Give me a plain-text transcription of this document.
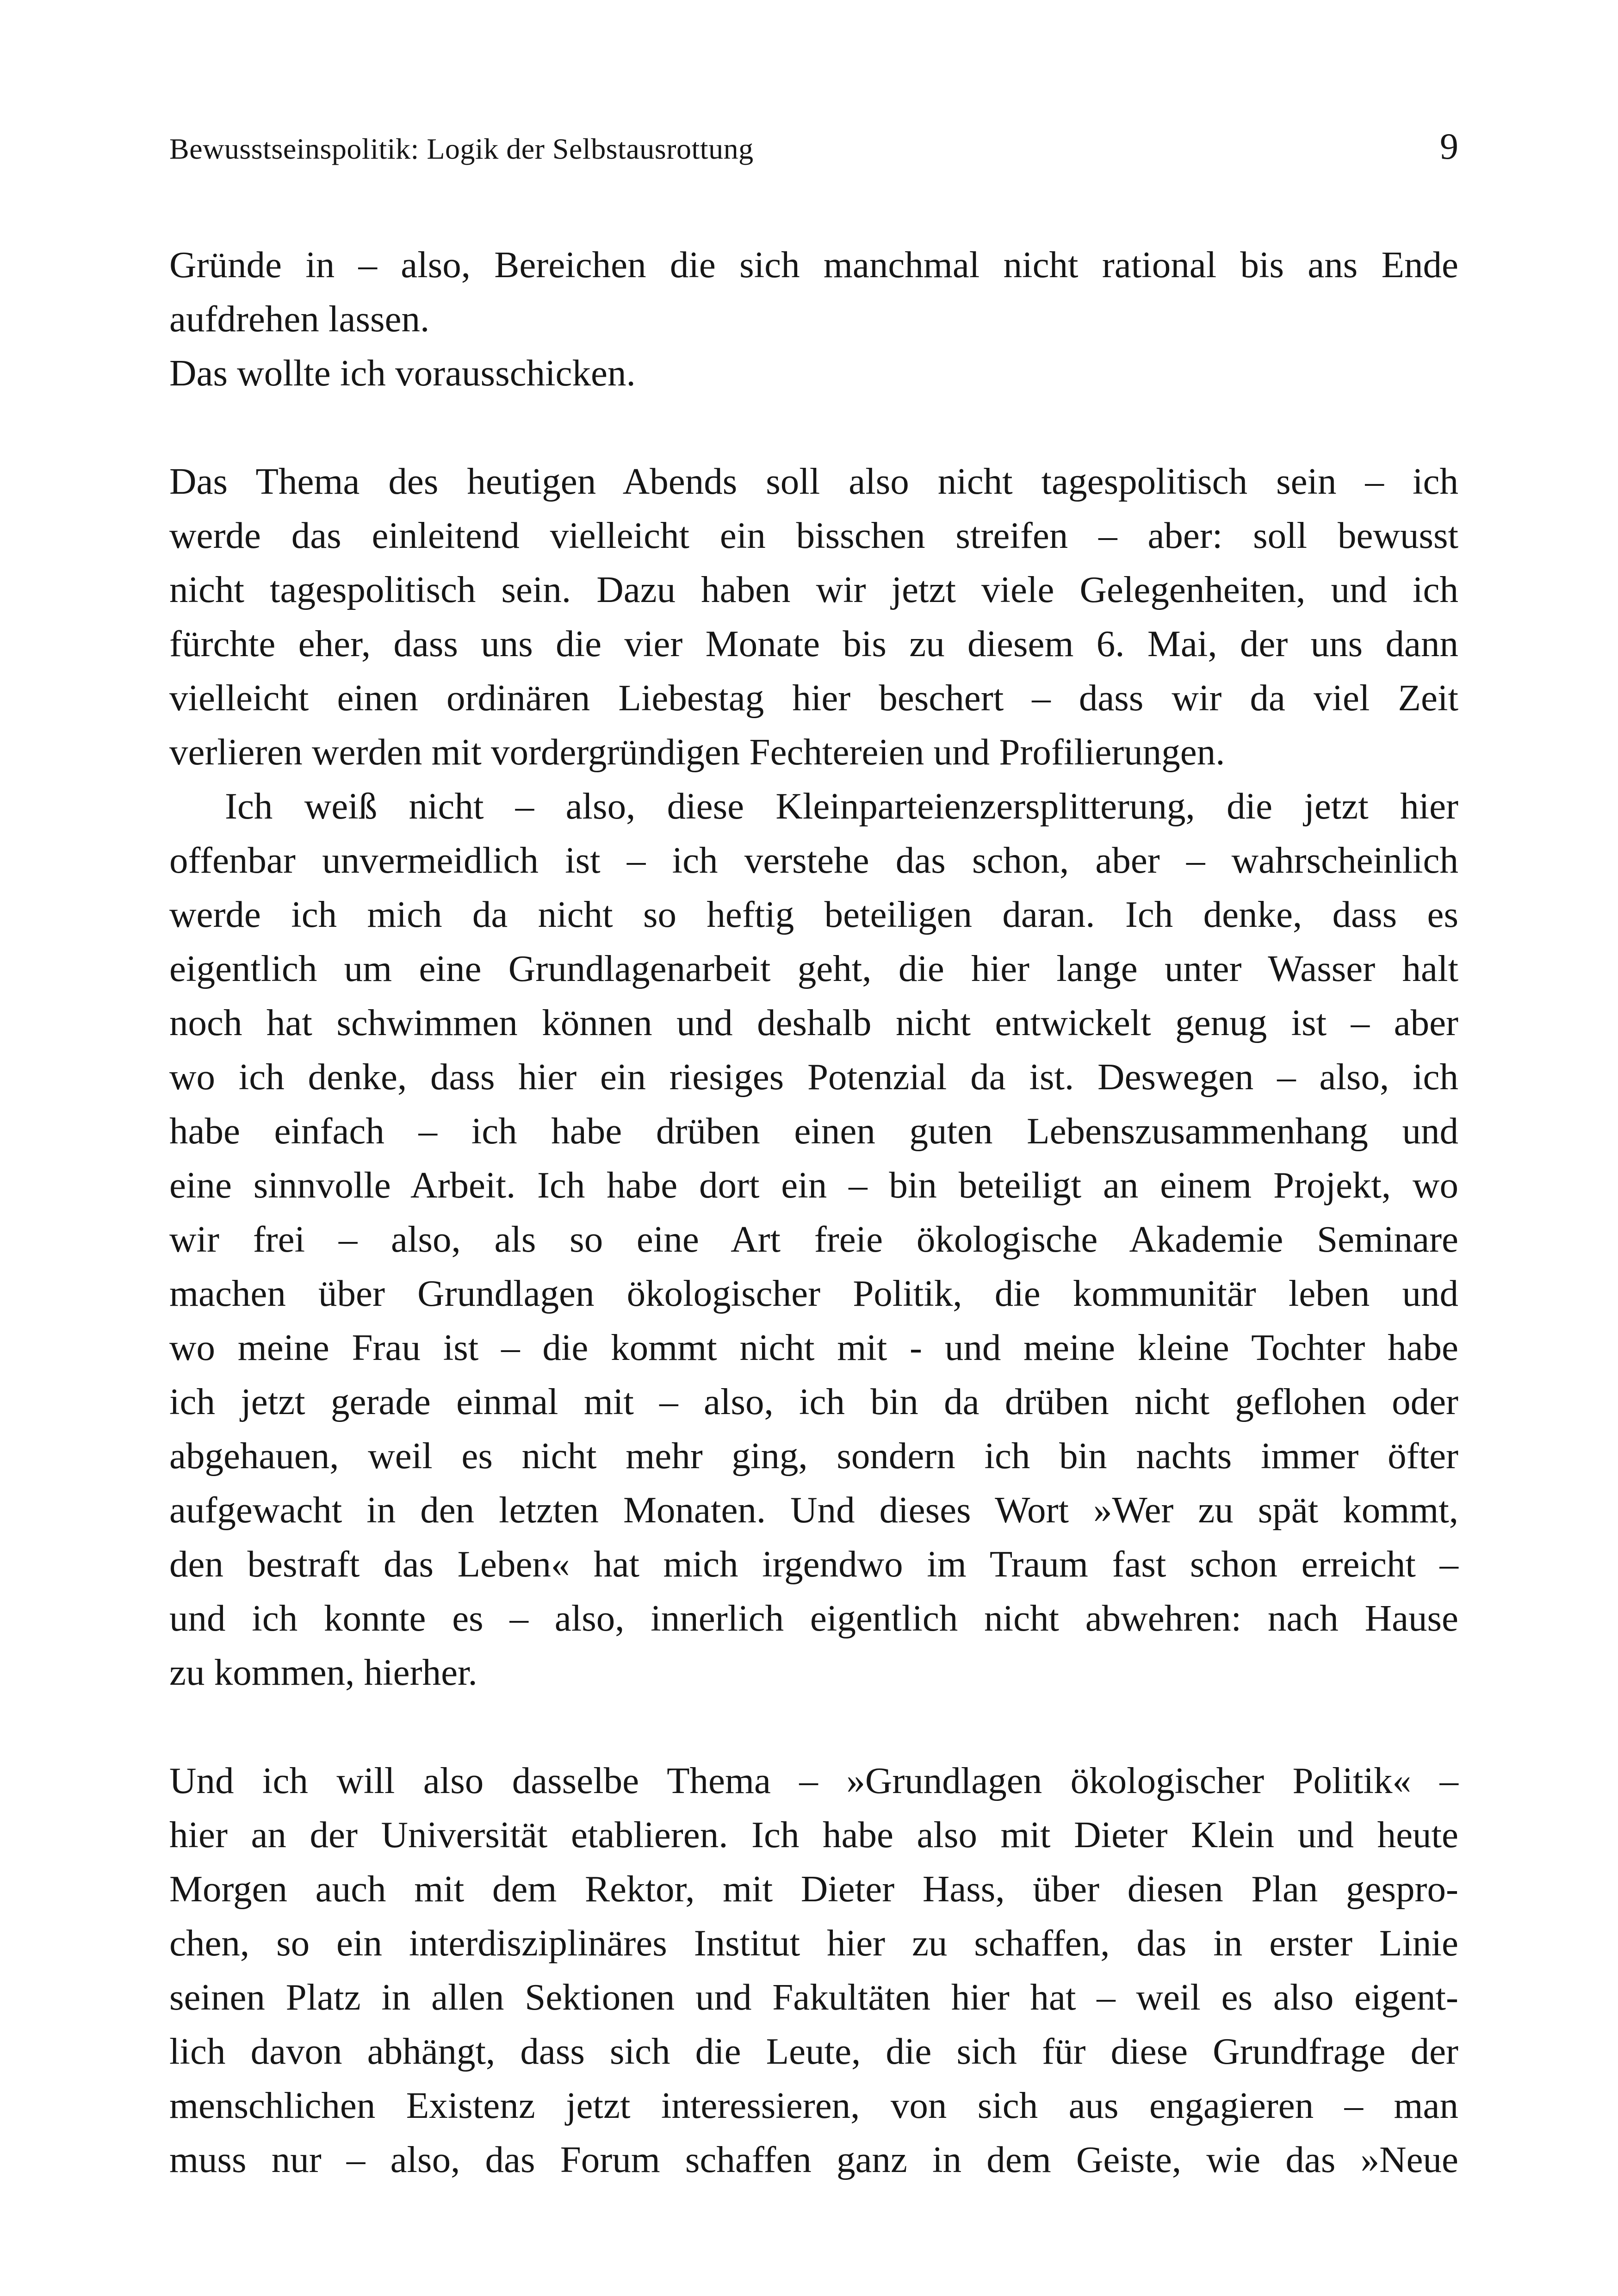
Bewusstseinspolitik: Logik der Selbstausrottung	9
Gründe in – also, Bereichen die sich manchmal nicht rational bis ans Ende
aufdrehen lassen.
Das wollte ich vorausschicken.
Das Thema des heutigen Abends soll also nicht tagespolitisch sein – ich
werde das einleitend vielleicht ein bisschen streifen – aber: soll bewusst
nicht tagespolitisch sein. Dazu haben wir jetzt viele Gelegenheiten, und ich
fürchte eher, dass uns die vier Monate bis zu diesem 6. Mai, der uns dann
vielleicht einen ordinären Liebestag hier beschert – dass wir da viel Zeit
verlieren werden mit vordergründigen Fechtereien und Profilierungen.
Ich weiß nicht – also, diese Kleinparteienzersplitterung, die jetzt hier
offenbar unvermeidlich ist – ich verstehe das schon, aber – wahrscheinlich
werde ich mich da nicht so heftig beteiligen daran. Ich denke, dass es
eigentlich um eine Grundlagenarbeit geht, die hier lange unter Wasser halt
noch hat schwimmen können und deshalb nicht entwickelt genug ist – aber
wo ich denke, dass hier ein riesiges Potenzial da ist. Deswegen – also, ich
habe einfach – ich habe drüben einen guten Lebenszusammenhang und
eine sinnvolle Arbeit. Ich habe dort ein – bin beteiligt an einem Projekt, wo
wir frei – also, als so eine Art freie ökologische Akademie Seminare
machen über Grundlagen ökologischer Politik, die kommunitär leben und
wo meine Frau ist – die kommt nicht mit - und meine kleine Tochter habe
ich jetzt gerade einmal mit – also, ich bin da drüben nicht geflohen oder
abgehauen, weil es nicht mehr ging, sondern ich bin nachts immer öfter
aufgewacht in den letzten Monaten. Und dieses Wort »Wer zu spät kommt,
den bestraft das Leben« hat mich irgendwo im Traum fast schon erreicht –
und ich konnte es – also, innerlich eigentlich nicht abwehren: nach Hause
zu kommen, hierher.
Und ich will also dasselbe Thema – »Grundlagen ökologischer Politik« –
hier an der Universität etablieren. Ich habe also mit Dieter Klein und heute
Morgen auch mit dem Rektor, mit Dieter Hass, über diesen Plan gespro-
chen, so ein interdisziplinäres Institut hier zu schaffen, das in erster Linie
seinen Platz in allen Sektionen und Fakultäten hier hat – weil es also eigent-
lich davon abhängt, dass sich die Leute, die sich für diese Grundfrage der
menschlichen Existenz jetzt interessieren, von sich aus engagieren – man
muss nur – also, das Forum schaffen ganz in dem Geiste, wie das »Neue
